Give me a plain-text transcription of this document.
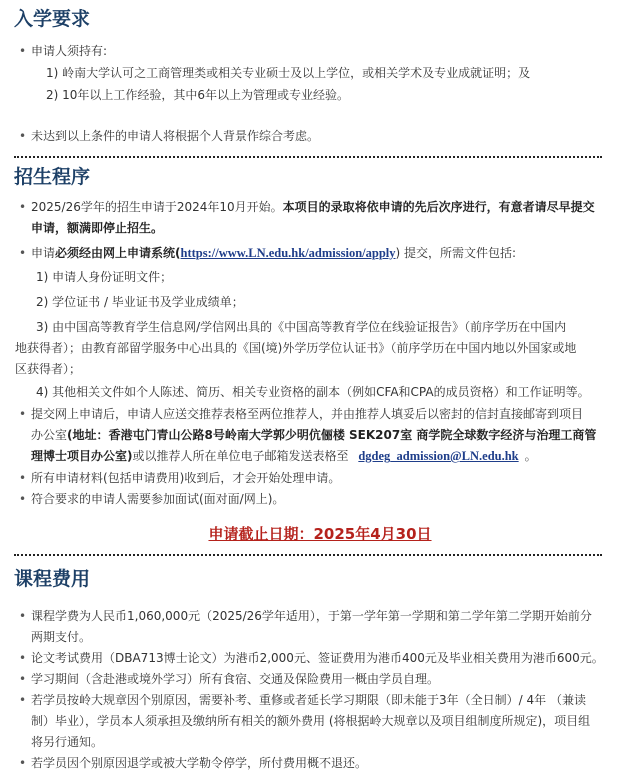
入学要求

• 申请人须持有:

1) 岭南大学认可之工商管理类或相关专业硕士及以上学位，或相关学术及专业成就证明；及

2) 10年以上工作经验，其中6年以上为管理或专业经验。

• 未达到以上条件的申请人将根据个人背景作综合考虑。

招生程序

• 2025/26学年的招生申请于2024年10月开始。本项目的录取将依申请的先后次序进行，有意者请尽早提交

申请，额满即停止招生。

• 申请必须经由网上申请系统(https://www.LN.edu.hk/admission/apply) 提交，所需文件包括:

1) 申请人身份证明文件；

2) 学位证书 / 毕业证书及学业成绩单；

3) 由中国高等教育学生信息网/学信网出具的《中国高等教育学位在线验证报告》（前序学历在中国内

地获得者）；由教育部留学服务中心出具的《国(境)外学历学位认证书》（前序学历在中国内地以外国家或地

区获得者）；

4) 其他相关文件如个人陈述、简历、相关专业资格的副本（例如CFA和CPA的成员资格）和工作证明等。

• 提交网上申请后，申请人应送交推荐表格至两位推荐人，并由推荐人填妥后以密封的信封直接邮寄到项目

办公室(地址：香港屯门青山公路8号岭南大学郭少明伉俪楼 SEK207室 商学院全球数字经济与治理工商管

理博士项目办公室)或以推荐人所在单位电子邮箱发送表格至 dgdeg_admission@LN.edu.hk 。

• 所有申请材料(包括申请费用)收到后，才会开始处理申请。

• 符合要求的申请人需要参加面试(面对面/网上)。

申请截止日期：2025年4月30日

课程费用

• 课程学费为人民币1,060,000元（2025/26学年适用），于第一学年第一学期和第二学年第二学期开始前分

两期支付。

• 论文考试费用（DBA713博士论文）为港币2,000元、签证费用为港币400元及毕业相关费用为港币600元。

• 学习期间（含赴港或境外学习）所有食宿、交通及保险费用一概由学员自理。

• 若学员按岭大规章因个别原因，需要补考、重修或者延长学习期限（即未能于3年（全日制）/ 4年 （兼读

制）毕业），学员本人须承担及缴纳所有相关的额外费用 (将根据岭大规章以及项目组制度所规定)，项目组

将另行通知。

• 若学员因个别原因退学或被大学勒令停学，所付费用概不退还。
